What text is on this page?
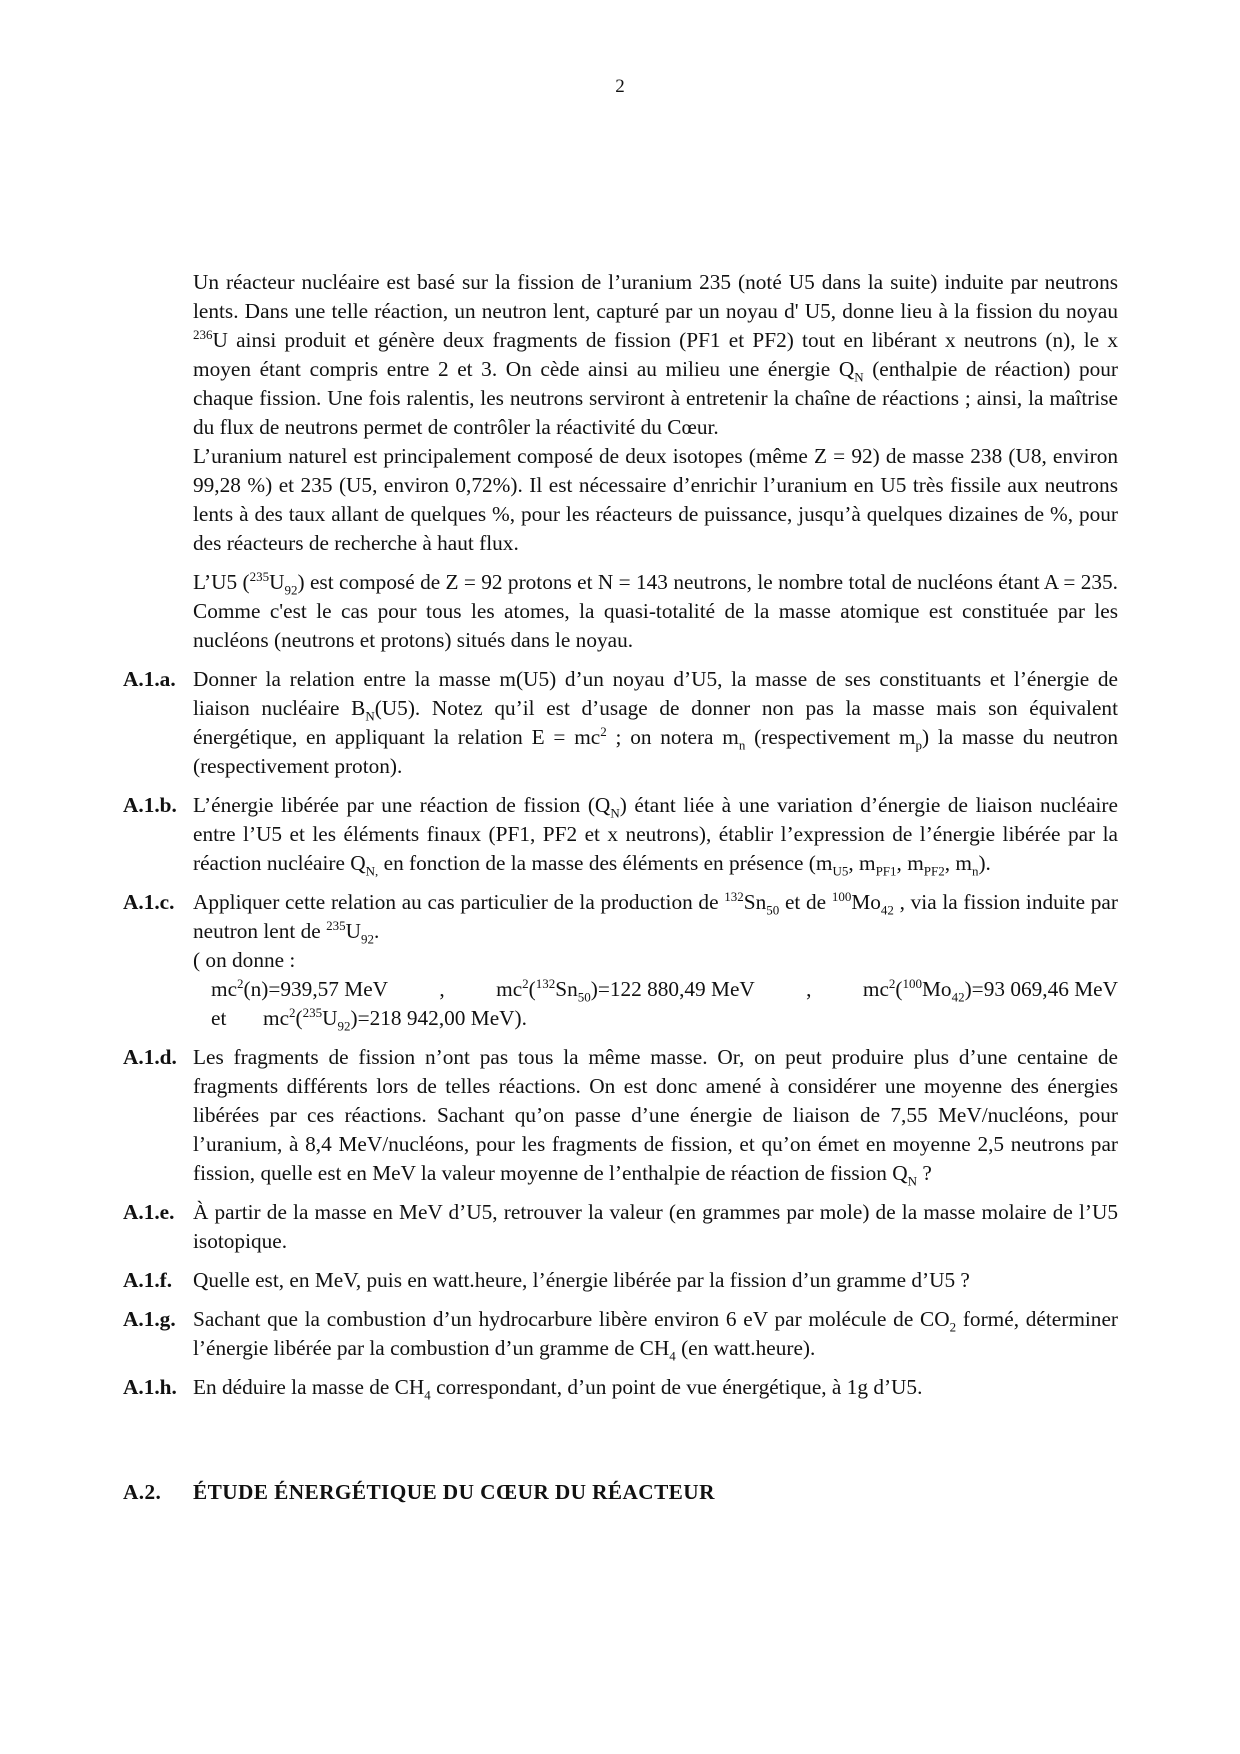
2
Un réacteur nucléaire est basé sur la fission de l’uranium 235 (noté U5 dans la suite) induite par neutrons lents. Dans une telle réaction, un neutron lent, capturé par un noyau d' U5, donne lieu à la fission du noyau $^{236}$U ainsi produit et génère deux fragments de fission (PF1 et PF2) tout en libérant x neutrons (n), le x moyen étant compris entre 2 et 3. On cède ainsi au milieu une énergie $Q_N$ (enthalpie de réaction) pour chaque fission. Une fois ralentis, les neutrons serviront à entretenir la chaîne de réactions ; ainsi, la maîtrise du flux de neutrons permet de contrôler la réactivité du Cœur.
L’uranium naturel est principalement composé de deux isotopes (même Z = 92) de masse 238 (U8, environ 99,28 %) et 235 (U5, environ 0,72%). Il est nécessaire d’enrichir l’uranium en U5 très fissile aux neutrons lents à des taux allant de quelques %, pour les réacteurs de puissance, jusqu’à quelques dizaines de %, pour des réacteurs de recherche à haut flux.
L’U5 $(^{235}U_{92})$ est composé de Z = 92 protons et N = 143 neutrons, le nombre total de nucléons étant A = 235. Comme c'est le cas pour tous les atomes, la quasi-totalité de la masse atomique est constituée par les nucléons (neutrons et protons) situés dans le noyau.
A.1.a. Donner la relation entre la masse m(U5) d’un noyau d’U5, la masse de ses constituants et l’énergie de liaison nucléaire $B_N(U5)$. Notez qu’il est d’usage de donner non pas la masse mais son équivalent énergétique, en appliquant la relation $E = mc^2$ ; on notera $m_n$ (respectivement $m_p$) la masse du neutron (respectivement proton).
A.1.b. L’énergie libérée par une réaction de fission $(Q_N)$ étant liée à une variation d’énergie de liaison nucléaire entre l’U5 et les éléments finaux (PF1, PF2 et x neutrons), établir l’expression de l’énergie libérée par la réaction nucléaire $Q_{N,}$ en fonction de la masse des éléments en présence ($m_{U5}$, $m_{PF1}$, $m_{PF2}$, $m_n$).
A.1.c. Appliquer cette relation au cas particulier de la production de $^{132}Sn_{50}$ et de $^{100}Mo_{42}$ , via la fission induite par neutron lent de $^{235}U_{92}$.
( on donne :
$mc^2(n)=939,57$ MeV , $mc^2(^{132}Sn_{50})=122$ 880,49 MeV , $mc^2(^{100}Mo_{42})=93$ 069,46 MeV
et $mc^2(^{235}U_{92})=218$ 942,00 MeV).
A.1.d. Les fragments de fission n’ont pas tous la même masse. Or, on peut produire plus d’une centaine de fragments différents lors de telles réactions. On est donc amené à considérer une moyenne des énergies libérées par ces réactions. Sachant qu’on passe d’une énergie de liaison de 7,55 MeV/nucléons, pour l’uranium, à 8,4 MeV/nucléons, pour les fragments de fission, et qu’on émet en moyenne 2,5 neutrons par fission, quelle est en MeV la valeur moyenne de l’enthalpie de réaction de fission $Q_N$ ?
A.1.e. À partir de la masse en MeV d’U5, retrouver la valeur (en grammes par mole) de la masse molaire de l’U5 isotopique.
A.1.f. Quelle est, en MeV, puis en watt.heure, l’énergie libérée par la fission d’un gramme d’U5 ?
A.1.g. Sachant que la combustion d’un hydrocarbure libère environ 6 eV par molécule de $CO_2$ formé, déterminer l’énergie libérée par la combustion d’un gramme de $CH_4$ (en watt.heure).
A.1.h. En déduire la masse de $CH_4$ correspondant, d’un point de vue énergétique, à 1g d’U5.
A.2.	ÉTUDE ÉNERGÉTIQUE DU CŒUR DU RÉACTEUR
